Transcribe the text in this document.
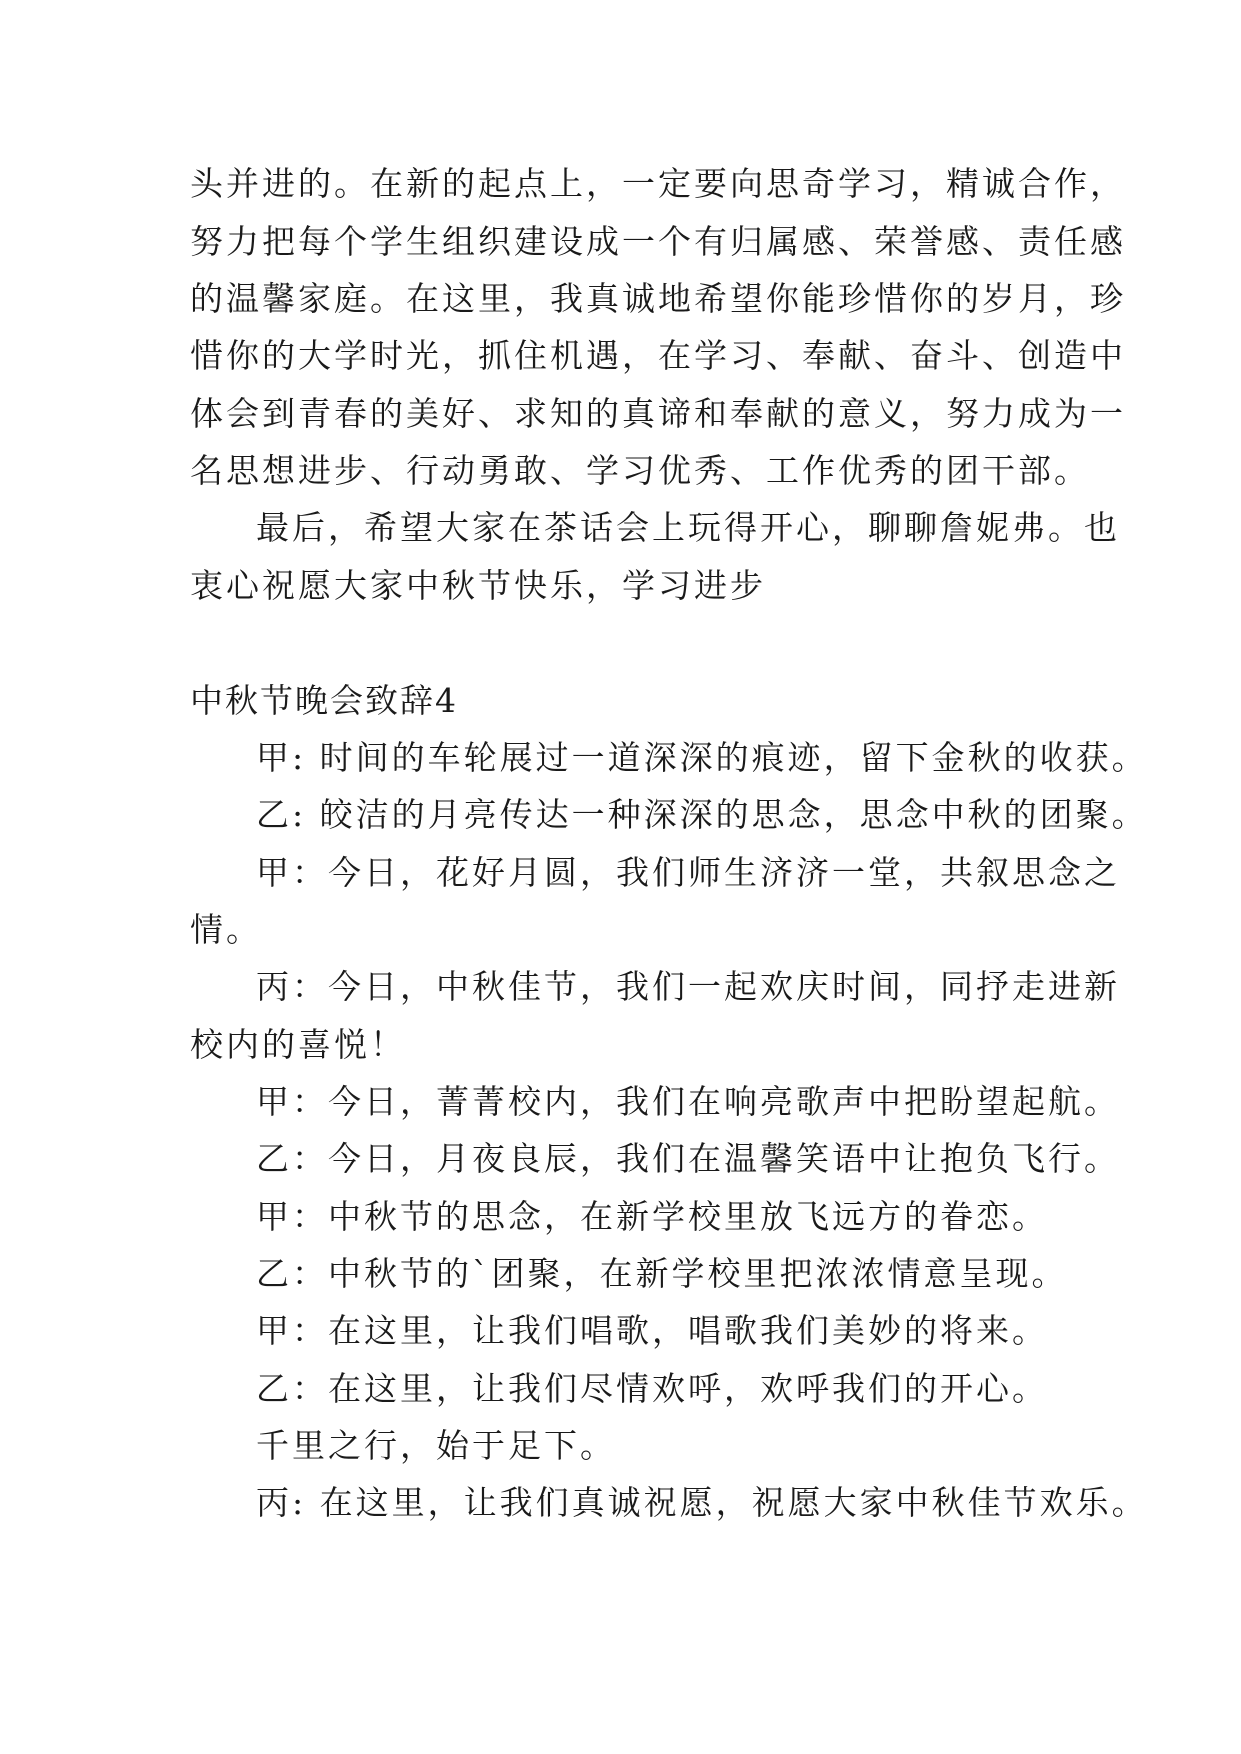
头并进的。在新的起点上，一定要向思奇学习，精诚合作，
努力把每个学生组织建设成一个有归属感、荣誉感、责任感
的温馨家庭。在这里，我真诚地希望你能珍惜你的岁月，珍
惜你的大学时光，抓住机遇，在学习、奉献、奋斗、创造中
体会到青春的美好、求知的真谛和奉献的意义，努力成为一
名思想进步、行动勇敢、学习优秀、工作优秀的团干部。
最后，希望大家在茶话会上玩得开心，聊聊詹妮弗。也
衷心祝愿大家中秋节快乐，学习进步
中秋节晚会致辞4
甲: 时间的车轮展过一道深深的痕迹，留下金秋的收获。
乙: 皎洁的月亮传达一种深深的思念，思念中秋的团聚。
甲：今日，花好月圆，我们师生济济一堂，共叙思念之
情。
丙：今日，中秋佳节，我们一起欢庆时间，同抒走进新
校内的喜悦！
甲：今日，菁菁校内，我们在响亮歌声中把盼望起航。
乙：今日，月夜良辰，我们在温馨笑语中让抱负飞行。
甲：中秋节的思念，在新学校里放飞远方的眷恋。
乙：中秋节的`团聚，在新学校里把浓浓情意呈现。
甲：在这里，让我们唱歌，唱歌我们美妙的将来。
乙：在这里，让我们尽情欢呼，欢呼我们的开心。
千里之行，始于足下。
丙: 在这里，让我们真诚祝愿，祝愿大家中秋佳节欢乐。
